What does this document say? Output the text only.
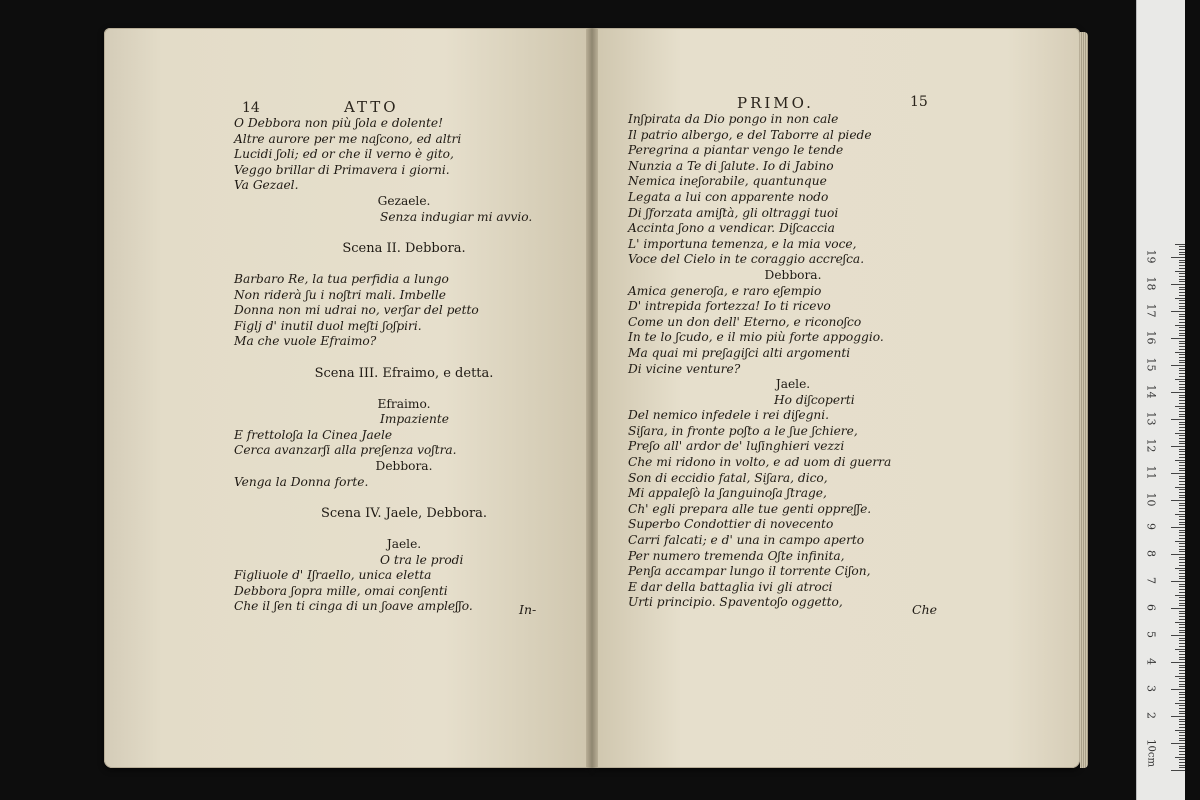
14	ATTO
O Debbora non più ʃola e dolente!
Altre aurore per me naʃcono, ed altri
Lucidi ʃoli; ed or che il verno è gito,
Veggo brillar di Primavera i giorni.
Va Gezael.
Gezaele.
Senza indugiar mi avvio.
Scena II. Debbora.
Barbaro Re, la tua perfidia a lungo
Non riderà ʃu i noʃtri mali. Imbelle
Donna non mi udrai no, verʃar del petto
Figlj d' inutil duol meʃti ʃoʃpiri.
Ma che vuole Efraimo?
Scena III. Efraimo, e detta.
Efraimo.
Impaziente
E frettoloʃa la Cinea Jaele
Cerca avanzarʃi alla preʃenza voʃtra.
Debbora.
Venga la Donna forte.
Scena IV. Jaele, Debbora.
Jaele.
O tra le prodi
Figliuole d' Iʃraello, unica eletta
Debbora ʃopra mille, omai conʃenti
Che il ʃen ti cinga di un ʃoave ampleʃʃo.	In-
PRIMO.	15
Inʃpirata da Dio pongo in non cale
Il patrio albergo, e del Taborre al piede
Peregrina a piantar vengo le tende
Nunzia a Te di ʃalute. Io di Jabino
Nemica ineʃorabile, quantunque
Legata a lui con apparente nodo
Di ʃforzata amiʃtà, gli oltraggi tuoi
Accinta ʃono a vendicar. Diʃcaccia
L' importuna temenza, e la mia voce,
Voce del Cielo in te coraggio accreʃca.
Debbora.
Amica generoʃa, e raro eʃempio
D' intrepida fortezza! Io ti ricevo
Come un don dell' Eterno, e riconoʃco
In te lo ʃcudo, e il mio più forte appoggio.
Ma quai mi preʃagiʃci alti argomenti
Di vicine venture?
Jaele.
Ho diʃcoperti
Del nemico infedele i rei diʃegni.
Siʃara, in fronte poʃto a le ʃue ʃchiere,
Preʃo all' ardor de' luʃinghieri vezzi
Che mi ridono in volto, e ad uom di guerra
Son di eccidio fatal, Siʃara, dico,
Mi appaleʃò la ʃanguinoʃa ʃtrage,
Ch' egli prepara alle tue genti oppreʃʃe.
Superbo Condottier di novecento
Carri falcati; e d' una in campo aperto
Per numero tremenda Oʃte infinita,
Penʃa accampar lungo il torrente Ciʃon,
E dar della battaglia ivi gli atroci
Urti principio. Spaventoʃo oggetto,	Che
0cm
1
2
3
4
5
6
7
8
9
10
11
12
13
14
15
16
17
18
19
